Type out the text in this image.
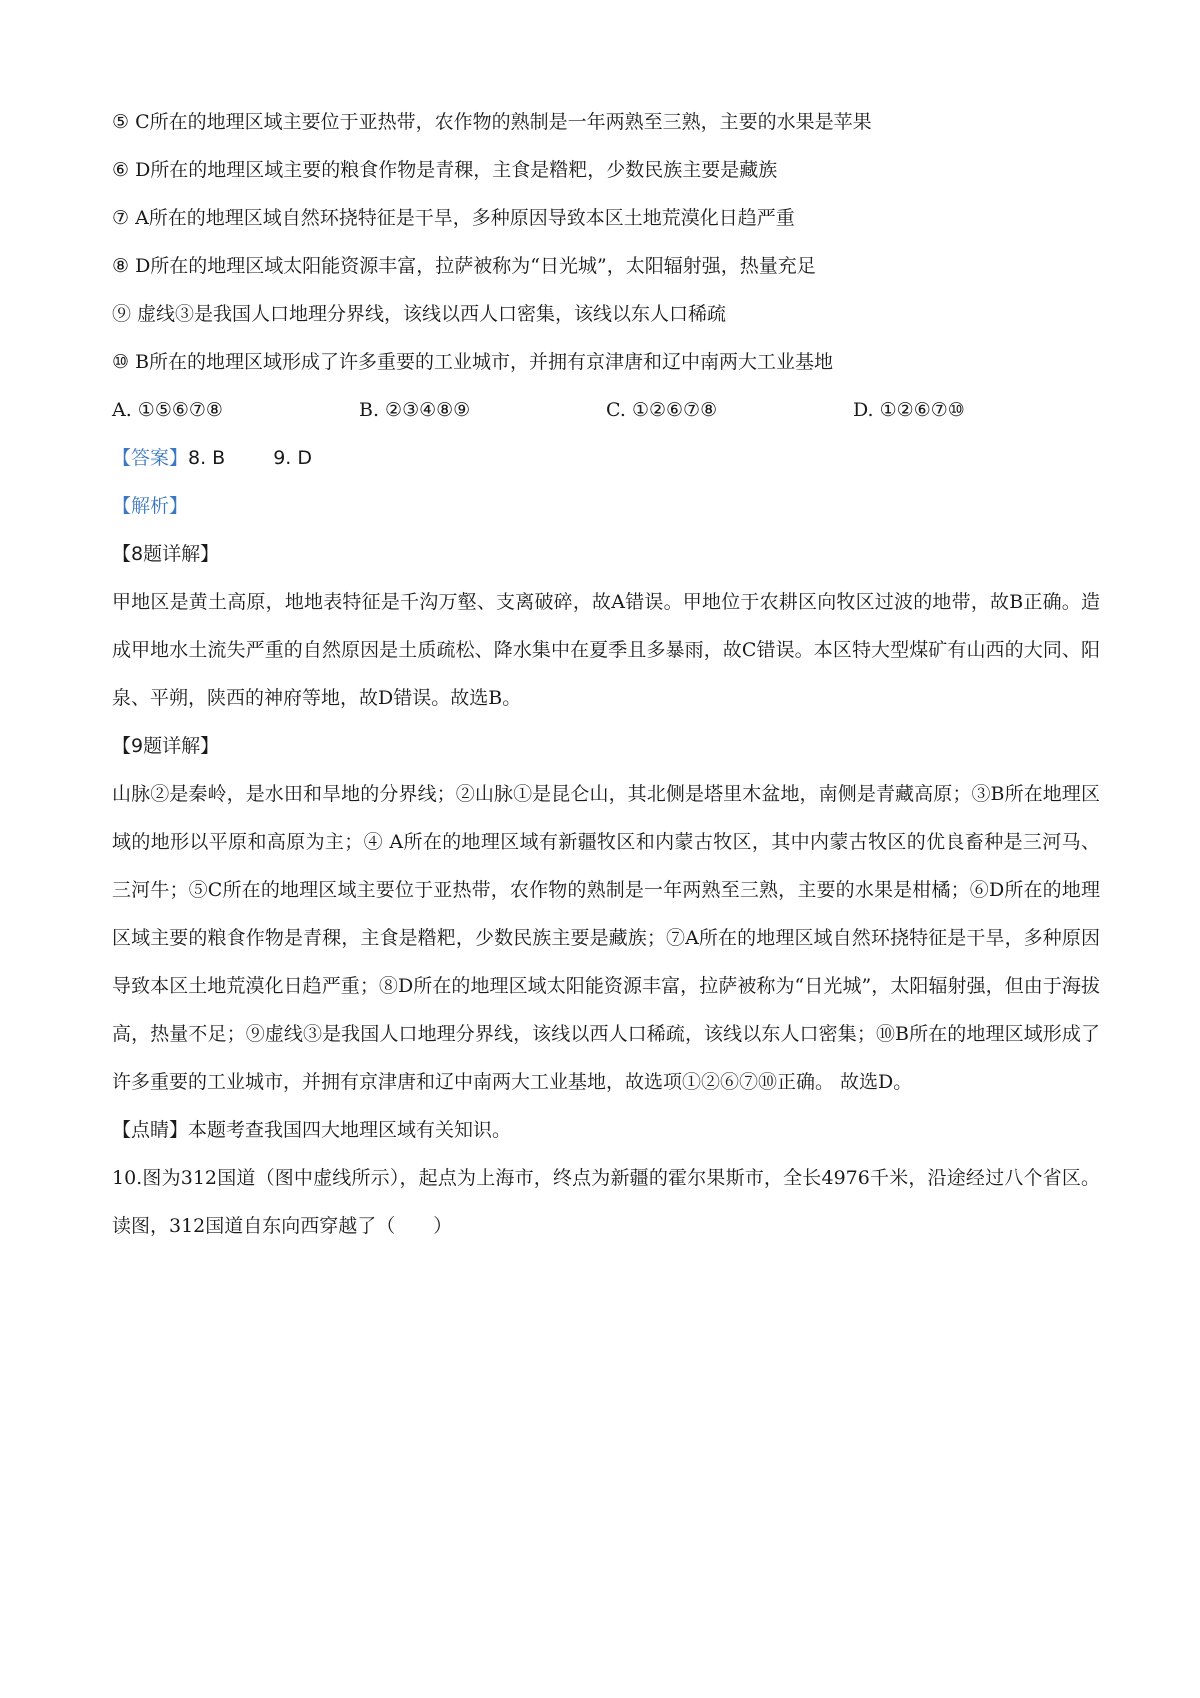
⑤ C所在的地理区域主要位于亚热带，农作物的熟制是一年两熟至三熟，主要的水果是苹果
⑥ D所在的地理区域主要的粮食作物是青稞，主食是糌粑，少数民族主要是藏族
⑦ A所在的地理区域自然环挠特征是干旱，多种原因导致本区土地荒漠化日趋严重
⑧ D所在的地理区域太阳能资源丰富，拉萨被称为“日光城”，太阳辐射强，热量充足
⑨ 虚线③是我国人口地理分界线，该线以西人口密集，该线以东人口稀疏
⑩ B所在的地理区域形成了许多重要的工业城市，并拥有京津唐和辽中南两大工业基地
A. ①⑤⑥⑦⑧	B. ②③④⑧⑨	C. ①②⑥⑦⑧	D. ①②⑥⑦⑩
【答案】8. B	9. D
【解析】
【8题详解】

甲地区是黄土高原，地地表特征是千沟万壑、支离破碎，故A错误。甲地位于农耕区向牧区过波的地带，故B正确。造成甲地水土流失严重的自然原因是土质疏松、降水集中在夏季且多暴雨，故C错误。本区特大型煤矿有山西的大同、阳泉、平朔，陕西的神府等地，故D错误。故选B。

【9题详解】

山脉②是秦岭，是水田和旱地的分界线；②山脉①是昆仑山，其北侧是塔里木盆地，南侧是青藏高原；③B所在地理区域的地形以平原和高原为主；④ A所在的地理区域有新疆牧区和内蒙古牧区，其中内蒙古牧区的优良畜种是三河马、三河牛；⑤C所在的地理区域主要位于亚热带，农作物的熟制是一年两熟至三熟，主要的水果是柑橘；⑥D所在的地理区域主要的粮食作物是青稞，主食是糌粑，少数民族主要是藏族；⑦A所在的地理区域自然环挠特征是干旱，多种原因导致本区土地荒漠化日趋严重；⑧D所在的地理区域太阳能资源丰富，拉萨被称为“日光城”，太阳辐射强，但由于海拔高，热量不足；⑨虚线③是我国人口地理分界线，该线以西人口稀疏，该线以东人口密集；⑩B所在的地理区域形成了许多重要的工业城市，并拥有京津唐和辽中南两大工业基地，故选项①②⑥⑦⑩正确。 故选D。

【点睛】本题考查我国四大地理区域有关知识。

10.图为312国道（图中虚线所示），起点为上海市，终点为新疆的霍尔果斯市，全长4976千米，沿途经过八个省区。读图，312国道自东向西穿越了（　　）
